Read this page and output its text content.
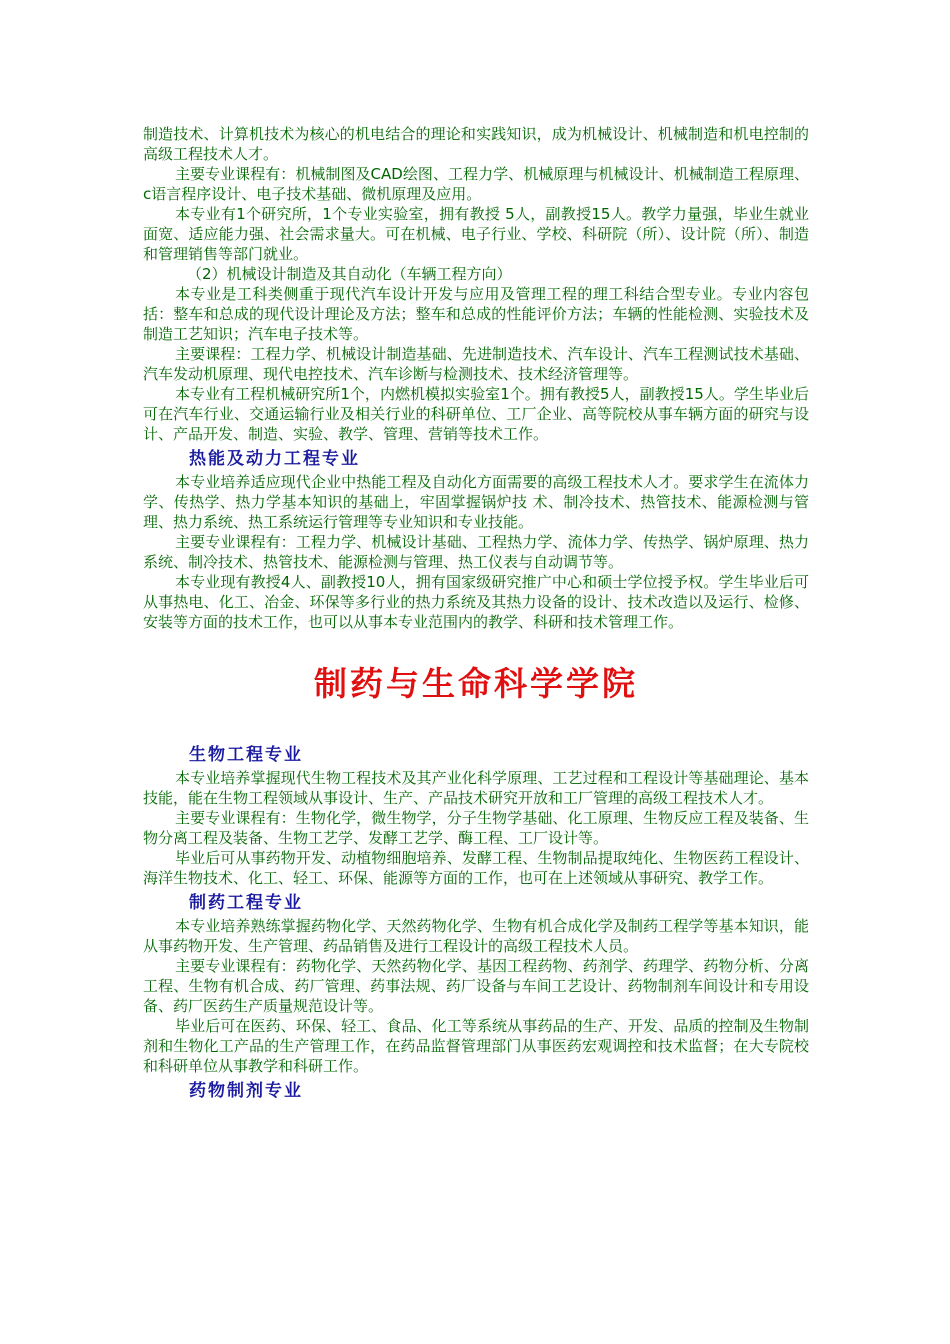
制造技术、计算机技术为核心的机电结合的理论和实践知识，成为机械设计、机械制造和机电控制的高级工程技术人才。

主要专业课程有：机械制图及CAD绘图、工程力学、机械原理与机械设计、机械制造工程原理、c语言程序设计、电子技术基础、微机原理及应用。

本专业有1个研究所，1个专业实验室，拥有教授 5人，副教授15人。教学力量强，毕业生就业面宽、适应能力强、社会需求量大。可在机械、电子行业、学校、科研院（所）、设计院（所）、制造和管理销售等部门就业。

（2）机械设计制造及其自动化（车辆工程方向）

本专业是工科类侧重于现代汽车设计开发与应用及管理工程的理工科结合型专业。专业内容包括：整车和总成的现代设计理论及方法；整车和总成的性能评价方法；车辆的性能检测、实验技术及制造工艺知识；汽车电子技术等。

主要课程：工程力学、机械设计制造基础、先进制造技术、汽车设计、汽车工程测试技术基础、汽车发动机原理、现代电控技术、汽车诊断与检测技术、技术经济管理等。

本专业有工程机械研究所1个，内燃机模拟实验室1个。拥有教授5人，副教授15人。学生毕业后可在汽车行业、交通运输行业及相关行业的科研单位、工厂企业、高等院校从事车辆方面的研究与设计、产品开发、制造、实验、教学、管理、营销等技术工作。

热能及动力工程专业

本专业培养适应现代企业中热能工程及自动化方面需要的高级工程技术人才。要求学生在流体力学、传热学、热力学基本知识的基础上，牢固掌握锅炉技 术、制冷技术、热管技术、能源检测与管理、热力系统、热工系统运行管理等专业知识和专业技能。

主要专业课程有：工程力学、机械设计基础、工程热力学、流体力学、传热学、锅炉原理、热力系统、制冷技术、热管技术、能源检测与管理、热工仪表与自动调节等。

本专业现有教授4人、副教授10人，拥有国家级研究推广中心和硕士学位授予权。学生毕业后可从事热电、化工、冶金、环保等多行业的热力系统及其热力设备的设计、技术改造以及运行、检修、安装等方面的技术工作，也可以从事本专业范围内的教学、科研和技术管理工作。

制药与生命科学学院
生物工程专业

本专业培养掌握现代生物工程技术及其产业化科学原理、工艺过程和工程设计等基础理论、基本技能，能在生物工程领域从事设计、生产、产品技术研究开放和工厂管理的高级工程技术人才。

主要专业课程有：生物化学，微生物学，分子生物学基础、化工原理、生物反应工程及装备、生物分离工程及装备、生物工艺学、发酵工艺学、酶工程、工厂设计等。

毕业后可从事药物开发、动植物细胞培养、发酵工程、生物制品提取纯化、生物医药工程设计、海洋生物技术、化工、轻工、环保、能源等方面的工作，也可在上述领域从事研究、教学工作。

制药工程专业

本专业培养熟练掌握药物化学、天然药物化学、生物有机合成化学及制药工程学等基本知识，能从事药物开发、生产管理、药品销售及进行工程设计的高级工程技术人员。

主要专业课程有：药物化学、天然药物化学、基因工程药物、药剂学、药理学、药物分析、分离工程、生物有机合成、药厂管理、药事法规、药厂设备与车间工艺设计、药物制剂车间设计和专用设备、药厂医药生产质量规范设计等。

毕业后可在医药、环保、轻工、食品、化工等系统从事药品的生产、开发、品质的控制及生物制剂和生物化工产品的生产管理工作，在药品监督管理部门从事医药宏观调控和技术监督；在大专院校和科研单位从事教学和科研工作。

药物制剂专业
